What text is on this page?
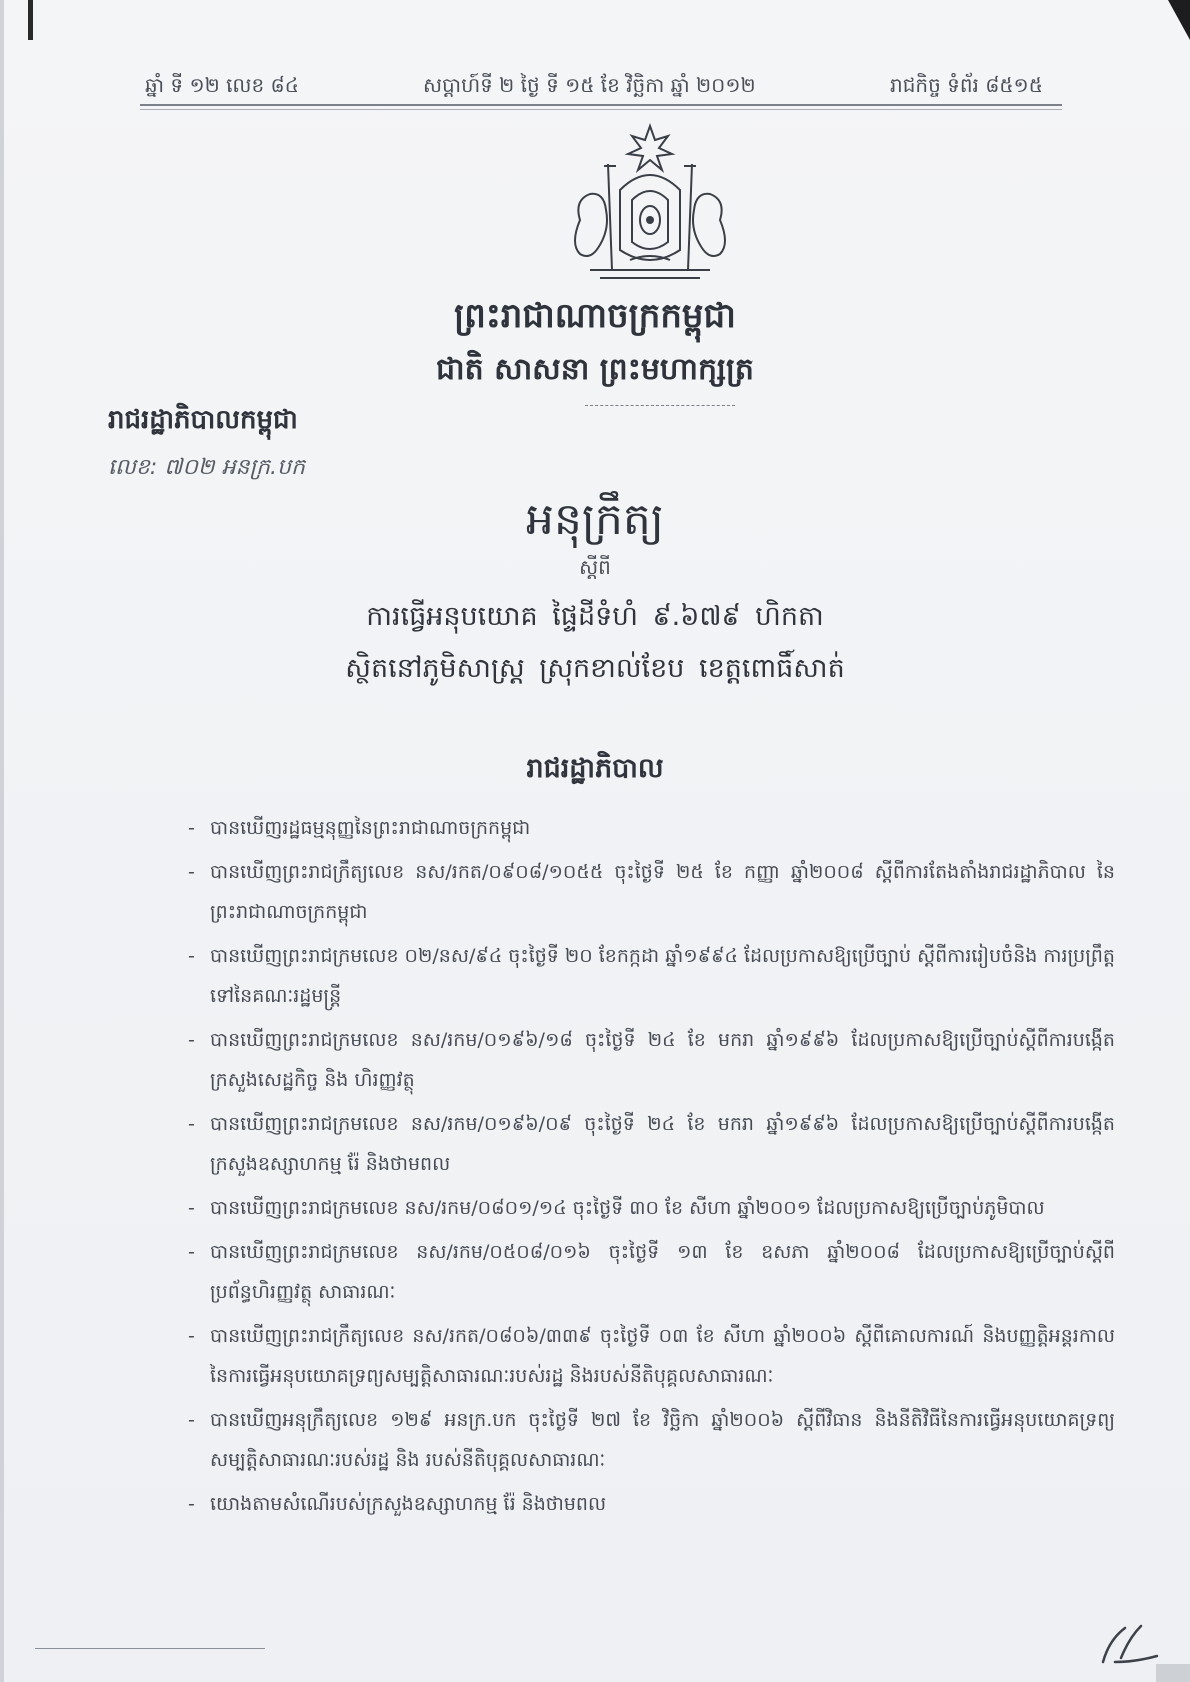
ឆ្នាំ ទី ១២ លេខ ៨៤	សប្តាហ៍ទី ២ ថ្ងៃ ទី ១៥ ខែ វិច្ឆិកា ឆ្នាំ ២០១២	រាជកិច្ច ទំព័រ ៨៥១៥
ព្រះរាជាណាចក្រកម្ពុជា
ជាតិ សាសនា ព្រះមហាក្សត្រ
រាជរដ្ឋាភិបាលកម្ពុជា
លេខ: ៧០២ អនក្រ.បក
អនុក្រឹត្យ
ស្តីពី
ការធ្វើអនុបយោគ ផ្ទៃដីទំហំ ៩.៦៧៩ ហិកតា
ស្ថិតនៅភូមិសាស្ត្រ ស្រុកខាល់ខែប ខេត្តពោធិ៍សាត់
រាជរដ្ឋាភិបាល
- បានឃើញរដ្ឋធម្មនុញ្ញនៃព្រះរាជាណាចក្រកម្ពុជា
- បានឃើញព្រះរាជក្រឹត្យលេខ នស/រកត/០៩០៨/១០៥៥ ចុះថ្ងៃទី ២៥ ខែ កញ្ញា ឆ្នាំ២០០៨ ស្តីពីការតែងតាំងរាជរដ្ឋាភិបាល នៃព្រះរាជាណាចក្រកម្ពុជា
- បានឃើញព្រះរាជក្រមលេខ ០២/នស/៩៤ ចុះថ្ងៃទី ២០ ខែកក្កដា ឆ្នាំ១៩៩៤ ដែលប្រកាសឱ្យប្រើច្បាប់ ស្តីពីការរៀបចំនិង ការប្រព្រឹត្តទៅនៃគណៈរដ្ឋមន្ត្រី
- បានឃើញព្រះរាជក្រមលេខ នស/រកម/០១៩៦/១៨ ចុះថ្ងៃទី ២៤ ខែ មករា ឆ្នាំ១៩៩៦ ដែលប្រកាសឱ្យប្រើច្បាប់ស្តីពីការបង្កើតក្រសួងសេដ្ឋកិច្ច និង ហិរញ្ញវត្ថុ
- បានឃើញព្រះរាជក្រមលេខ នស/រកម/០១៩៦/០៩ ចុះថ្ងៃទី ២៤ ខែ មករា ឆ្នាំ១៩៩៦ ដែលប្រកាសឱ្យប្រើច្បាប់ស្តីពីការបង្កើតក្រសួងឧស្សាហកម្ម រ៉ែ និងថាមពល
- បានឃើញព្រះរាជក្រមលេខ នស/រកម/០៨០១/១៤ ចុះថ្ងៃទី ៣០ ខែ សីហា ឆ្នាំ២០០១ ដែលប្រកាសឱ្យប្រើច្បាប់ភូមិបាល
- បានឃើញព្រះរាជក្រមលេខ នស/រកម/០៥០៨/០១៦ ចុះថ្ងៃទី ១៣ ខែ ឧសភា ឆ្នាំ២០០៨ ដែលប្រកាសឱ្យប្រើច្បាប់ស្តីពីប្រព័ន្ធហិរញ្ញវត្ថុ សាធារណៈ
- បានឃើញព្រះរាជក្រឹត្យលេខ នស/រកត/០៨០៦/៣៣៩ ចុះថ្ងៃទី ០៣ ខែ សីហា ឆ្នាំ២០០៦ ស្តីពីគោលការណ៍ និងបញ្ញត្តិអន្តរកាល នៃការធ្វើអនុបយោគទ្រព្យសម្បត្តិសាធារណៈរបស់រដ្ឋ និងរបស់នីតិបុគ្គលសាធារណៈ
- បានឃើញអនុក្រឹត្យលេខ ១២៩ អនក្រ.បក ចុះថ្ងៃទី ២៧ ខែ វិច្ឆិកា ឆ្នាំ២០០៦ ស្តីពីវិធាន និងនីតិវិធីនៃការធ្វើអនុបយោគទ្រព្យសម្បត្តិសាធារណៈរបស់រដ្ឋ និង របស់នីតិបុគ្គលសាធារណៈ
- យោងតាមសំណើរបស់ក្រសួងឧស្សាហកម្ម រ៉ែ និងថាមពល
